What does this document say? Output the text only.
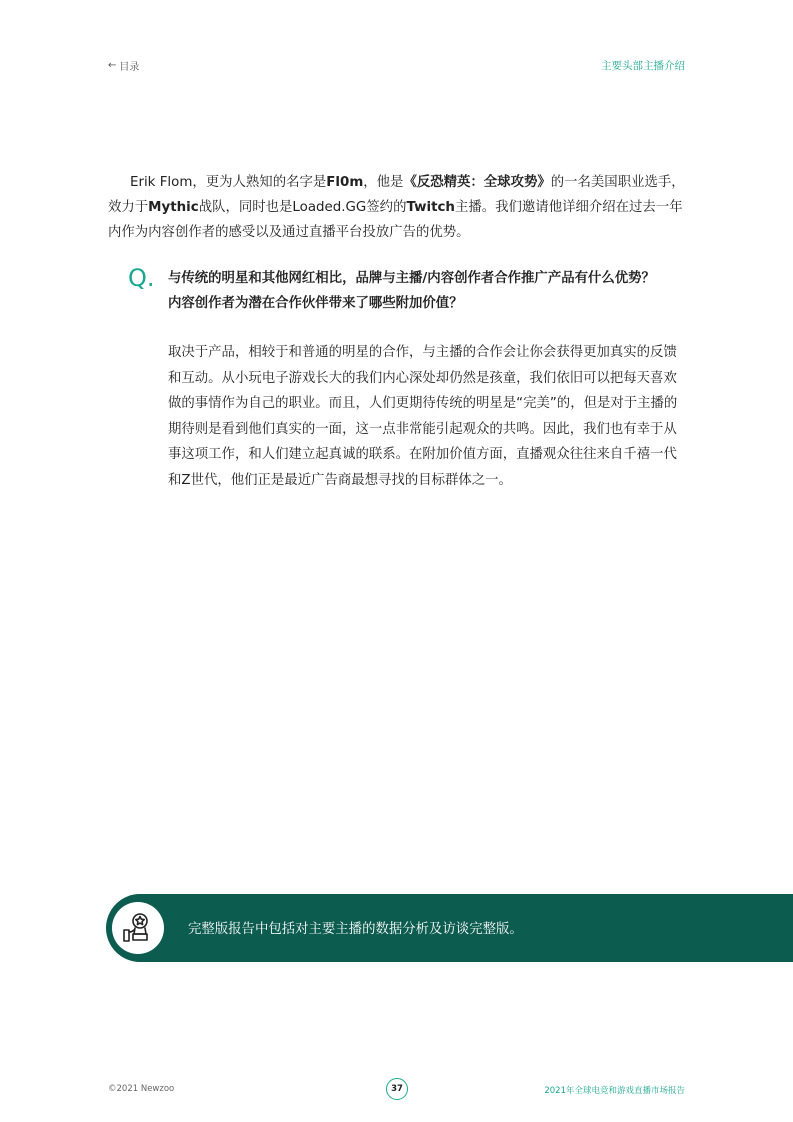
← 目录	主要头部主播介绍

Erik Flom，更为人熟知的名字是Fl0m，他是《反恐精英：全球攻势》的一名美国职业选手，效力于Mythic战队，同时也是Loaded.GG签约的Twitch主播。我们邀请他详细介绍在过去一年内作为内容创作者的感受以及通过直播平台投放广告的优势。

Q. 与传统的明星和其他网红相比，品牌与主播/内容创作者合作推广产品有什么优势？
内容创作者为潜在合作伙伴带来了哪些附加价值？

取决于产品，相较于和普通的明星的合作，与主播的合作会让你会获得更加真实的反馈和互动。从小玩电子游戏长大的我们内心深处却仍然是孩童，我们依旧可以把每天喜欢做的事情作为自己的职业。而且，人们更期待传统的明星是“完美”的，但是对于主播的期待则是看到他们真实的一面，这一点非常能引起观众的共鸣。因此，我们也有幸于从事这项工作，和人们建立起真诚的联系。在附加价值方面，直播观众往往来自千禧一代和Z世代，他们正是最近广告商最想寻找的目标群体之一。

完整版报告中包括对主要主播的数据分析及访谈完整版。
©2021 Newzoo	37	2021年全球电竞和游戏直播市场报告
